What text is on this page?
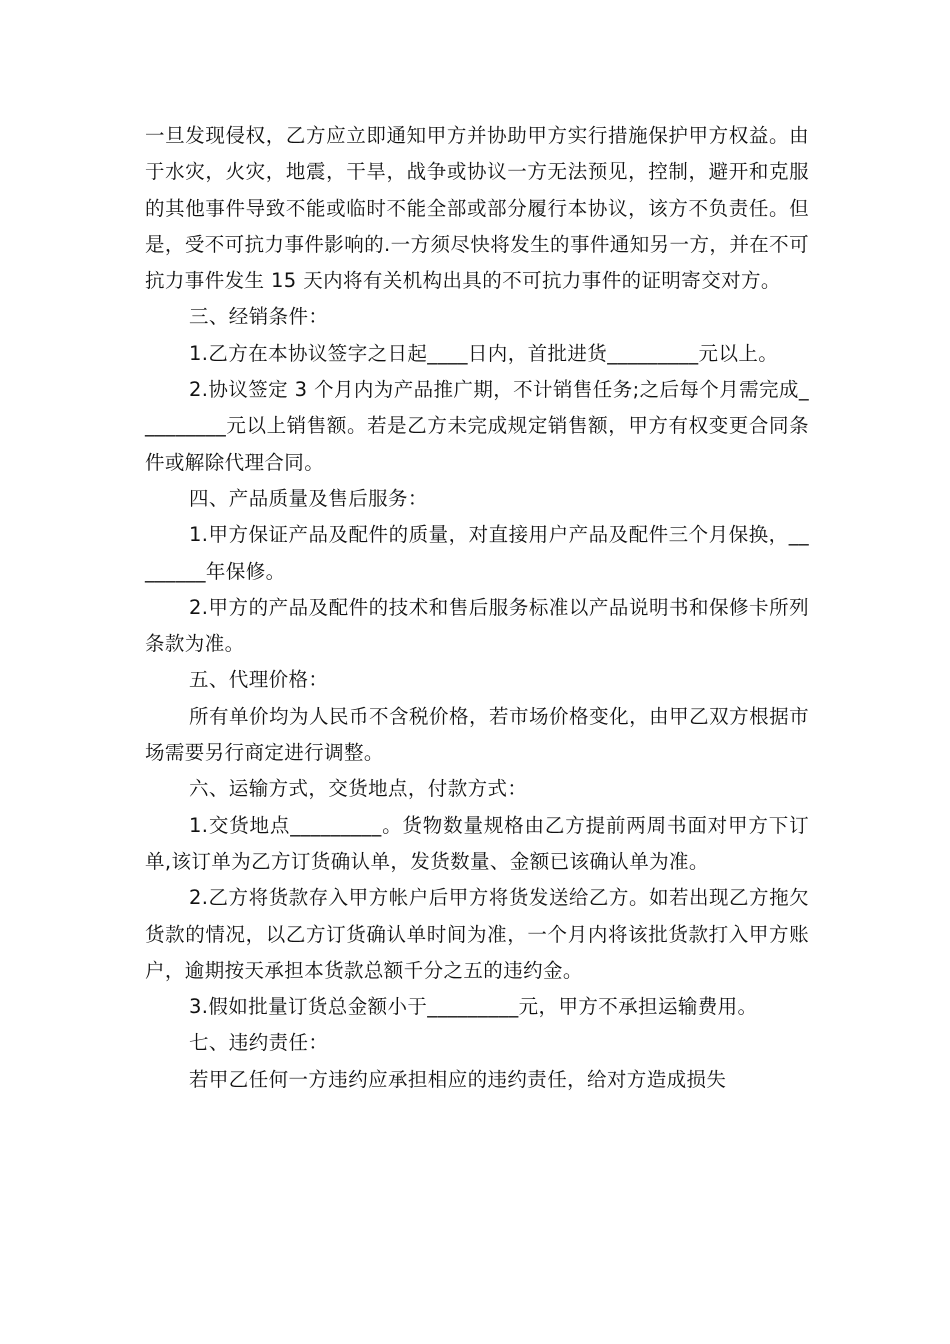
一旦发现侵权，乙方应立即通知甲方并协助甲方实行措施保护甲方权益。由于水灾，火灾，地震，干旱，战争或协议一方无法预见，控制，避开和克服的其他事件导致不能或临时不能全部或部分履行本协议，该方不负责任。但是，受不可抗力事件影响的.一方须尽快将发生的事件通知另一方，并在不可抗力事件发生 15 天内将有关机构出具的不可抗力事件的证明寄交对方。

三、经销条件：

1.乙方在本协议签字之日起____日内，首批进货_________元以上。

2.协议签定 3 个月内为产品推广期，不计销售任务;之后每个月需完成_________元以上销售额。若是乙方未完成规定销售额，甲方有权变更合同条件或解除代理合同。

四、产品质量及售后服务：

1.甲方保证产品及配件的质量，对直接用户产品及配件三个月保换，________年保修。

2.甲方的产品及配件的技术和售后服务标准以产品说明书和保修卡所列条款为准。

五、代理价格：

所有单价均为人民币不含税价格，若市场价格变化，由甲乙双方根据市场需要另行商定进行调整。

六、运输方式，交货地点，付款方式：

1.交货地点_________。货物数量规格由乙方提前两周书面对甲方下订单,该订单为乙方订货确认单，发货数量、金额已该确认单为准。

2.乙方将货款存入甲方帐户后甲方将货发送给乙方。如若出现乙方拖欠货款的情况，以乙方订货确认单时间为准，一个月内将该批货款打入甲方账户，逾期按天承担本货款总额千分之五的违约金。

3.假如批量订货总金额小于_________元，甲方不承担运输费用。

七、违约责任：

若甲乙任何一方违约应承担相应的违约责任，给对方造成损失
